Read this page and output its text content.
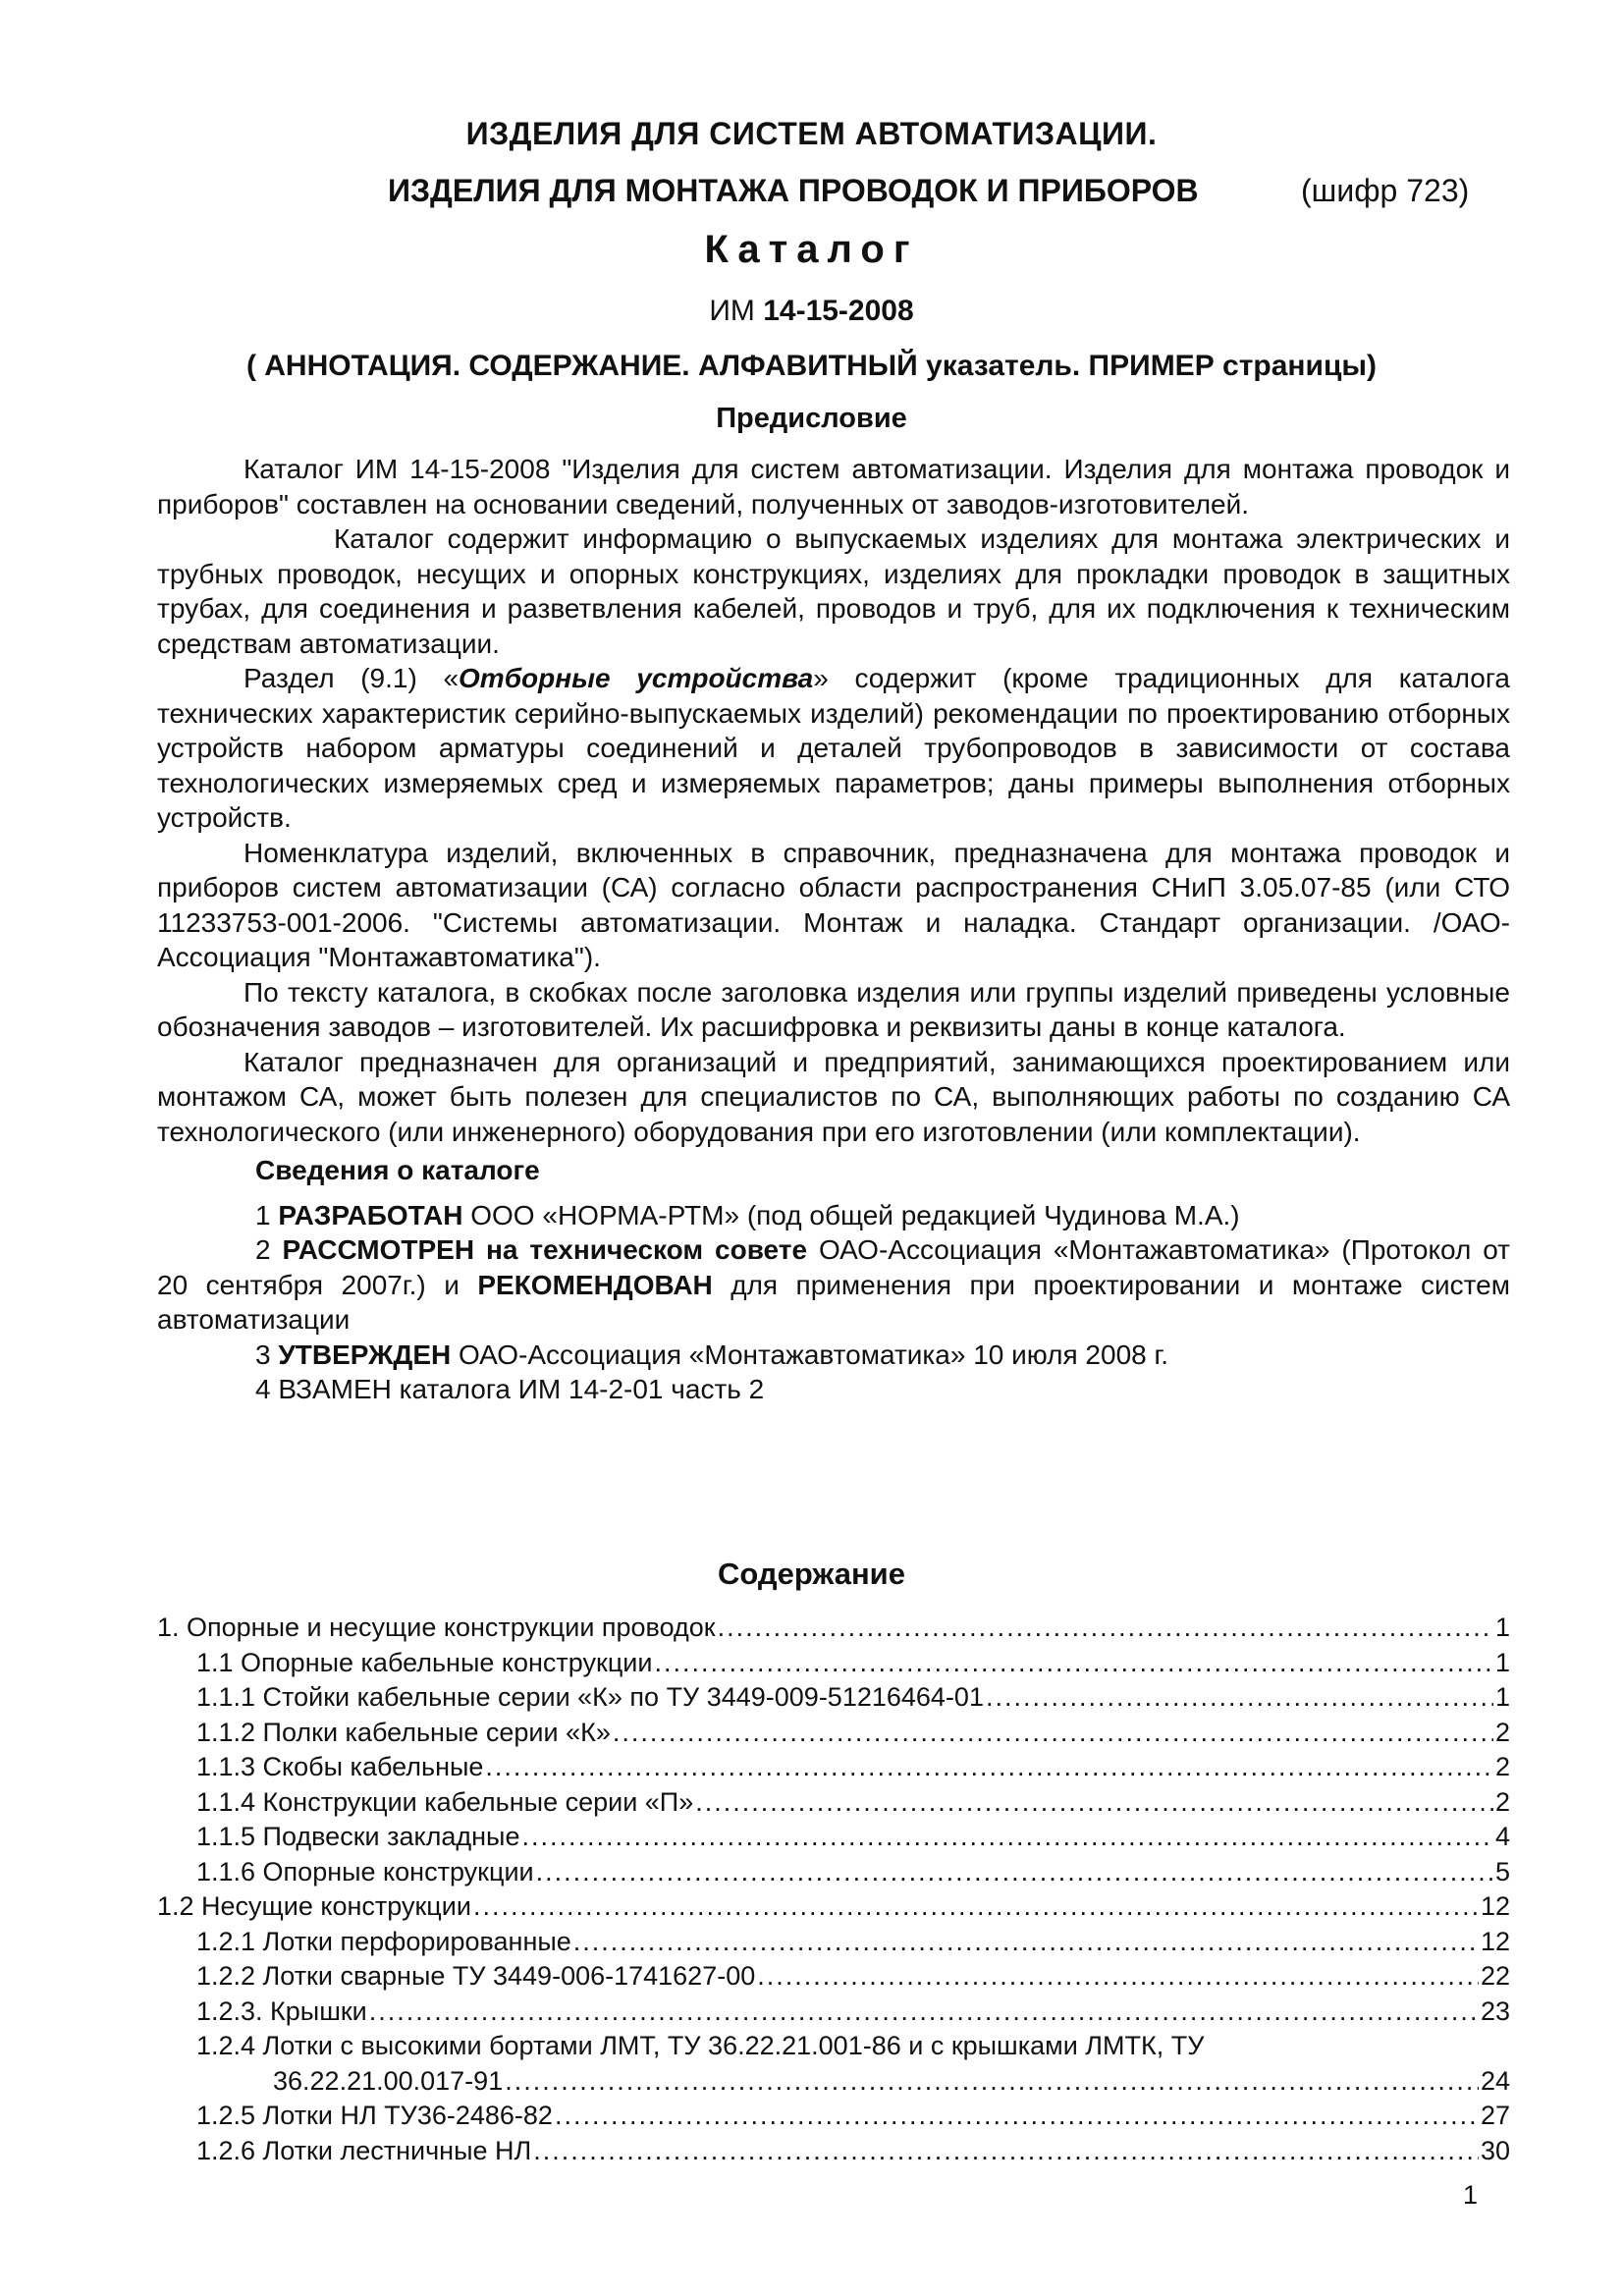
ИЗДЕЛИЯ ДЛЯ СИСТЕМ АВТОМАТИЗАЦИИ.
ИЗДЕЛИЯ ДЛЯ МОНТАЖА ПРОВОДОК И ПРИБОРОВ	(шифр 723)
Каталог
ИМ 14-15-2008
( АННОТАЦИЯ. СОДЕРЖАНИЕ. АЛФАВИТНЫЙ указатель. ПРИМЕР страницы)
Предисловие

Каталог ИМ 14-15-2008 "Изделия для систем автоматизации. Изделия для монтажа проводок и приборов" составлен на основании сведений, полученных от заводов-изготовителей.

Каталог содержит информацию о выпускаемых изделиях для монтажа электрических и трубных проводок, несущих и опорных конструкциях, изделиях для прокладки проводок в защитных трубах, для соединения и разветвления кабелей, проводов и труб, для их подключения к техническим средствам автоматизации.

Раздел (9.1) «Отборные устройства» содержит (кроме традиционных для каталога технических характеристик серийно-выпускаемых изделий) рекомендации по проектированию отборных устройств набором арматуры соединений и деталей трубопроводов в зависимости от состава технологических измеряемых сред и измеряемых параметров; даны примеры выполнения отборных устройств.

Номенклатура изделий, включенных в справочник, предназначена для монтажа проводок и приборов систем автоматизации (СА) согласно области распространения СНиП 3.05.07-85 (или СТО 11233753-001-2006. "Системы автоматизации. Монтаж и наладка. Стандарт организации. /ОАО-Ассоциация "Монтажавтоматика").

По тексту каталога, в скобках после заголовка изделия или группы изделий приведены условные обозначения заводов – изготовителей. Их расшифровка и реквизиты даны в конце каталога.

Каталог предназначен для организаций и предприятий, занимающихся проектированием или монтажом СА, может быть полезен для специалистов по СА, выполняющих работы по созданию СА технологического (или инженерного) оборудования при его изготовлении (или комплектации).

Сведения о каталоге

1 РАЗРАБОТАН ООО «НОРМА-РТМ» (под общей редакцией Чудинова М.А.)

2 РАССМОТРЕН на техническом совете ОАО-Ассоциация «Монтажавтоматика» (Протокол от 20 сентября 2007г.) и РЕКОМЕНДОВАН для применения при проектировании и монтаже систем автоматизации

3 УТВЕРЖДЕН ОАО-Ассоциация «Монтажавтоматика» 10 июля 2008 г.

4 ВЗАМЕН каталога ИМ 14-2-01 часть 2

Содержание
1. Опорные и несущие конструкции проводок .....	1
1.1 Опорные кабельные конструкции .....	1
1.1.1 Стойки кабельные серии «К» по ТУ 3449-009-51216464-01 .....	1
1.1.2 Полки кабельные серии «К» .....	2
1.1.3 Скобы кабельные .....	2
1.1.4 Конструкции кабельные серии «П» .....	2
1.1.5 Подвески закладные .....	4
1.1.6 Опорные конструкции .....	5
1.2 Несущие конструкции .....	12
1.2.1 Лотки перфорированные .....	12
1.2.2 Лотки сварные ТУ 3449-006-1741627-00 .....	22
1.2.3. Крышки .....	23
1.2.4 Лотки с высокими бортами ЛМТ, ТУ 36.22.21.001-86 и с крышками ЛМТК, ТУ
36.22.21.00.017-91 .....	24
1.2.5 Лотки НЛ ТУ36-2486-82 .....	27
1.2.6 Лотки лестничные НЛ .....	30
1
